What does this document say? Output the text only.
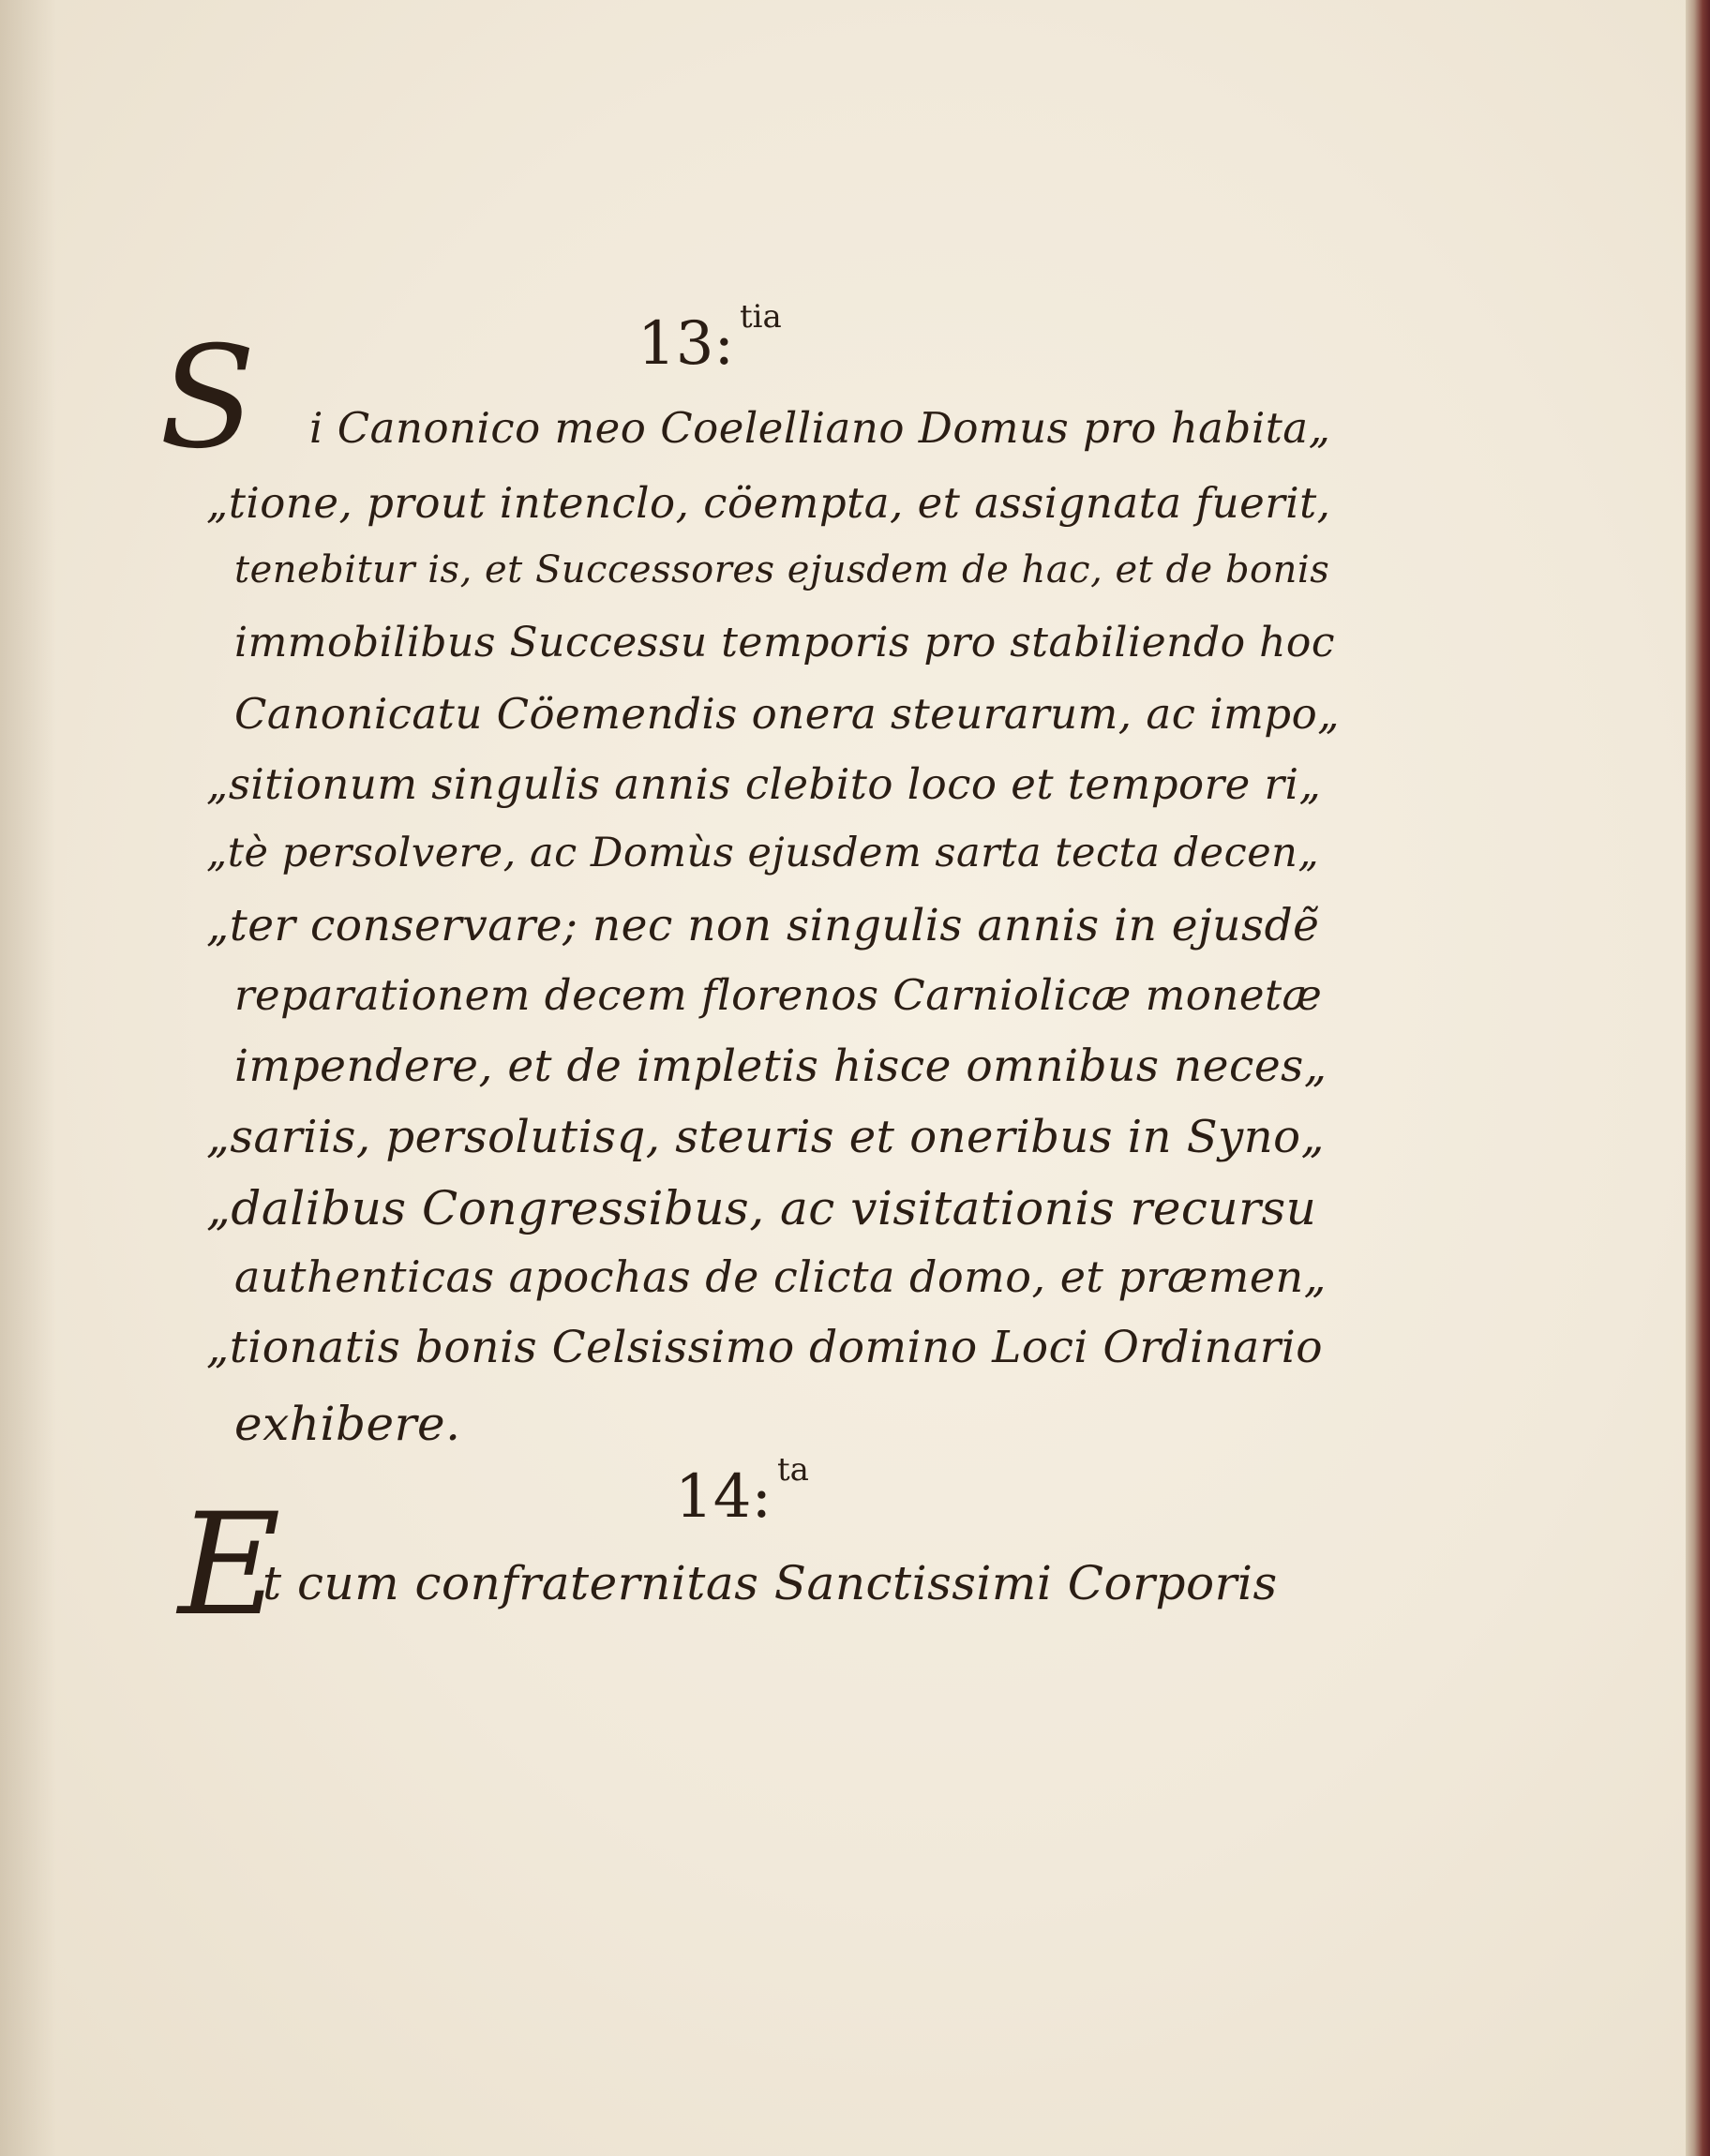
13: $^{tia}$
S i Canonico meo Coelelliano Domus pro habita„
„tione, prout intenclo, cöempta, et assignata fuerit,
tenebitur is, et Successores ejusdem de hac, et de bonis
immobilibus Successu temporis pro stabiliendo hoc
Canonicatu Cöemendis onera steurarum, ac impo„
„sitionum singulis annis clebito loco et tempore ri„
„tè persolvere, ac Domùs ejusdem sarta tecta decen„
„ter conservare; nec non singulis annis in ejusdẽ
reparationem decem florenos Carniolicæ monetæ
impendere, et de impletis hisce omnibus neces„
„sariis, persolutisq, steuris et oneribus in Syno„
„dalibus Congressibus, ac visitationis recursu
authenticas apochas de clicta domo, et præmen„
„tionatis bonis Celsissimo domino Loci Ordinario
exhibere.
14: $^{ta}$
E
t cum confraternitas Sanctissimi Corporis
